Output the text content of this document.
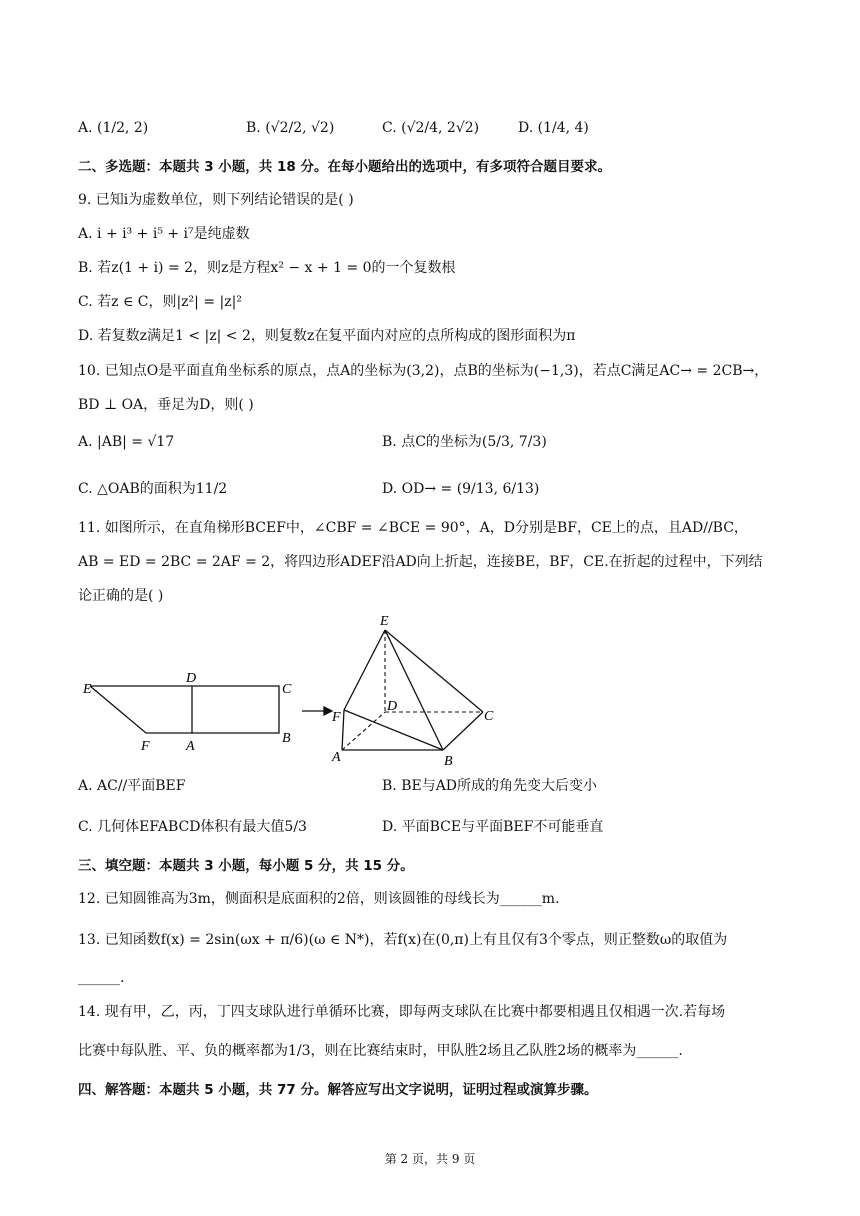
A. (1/2, 2)	B. (√2/2, √2)	C. (√2/4, 2√2)	D. (1/4, 4)
二、多选题：本题共 3 小题，共 18 分。在每小题给出的选项中，有多项符合题目要求。
9. 已知i为虚数单位，则下列结论错误的是( )
A. i + i³ + i⁵ + i⁷是纯虚数
B. 若z(1 + i) = 2，则z是方程x² − x + 1 = 0的一个复数根
C. 若z ∈ C，则|z²| = |z|²
D. 若复数z满足1 < |z| < 2，则复数z在复平面内对应的点所构成的图形面积为π
10. 已知点O是平面直角坐标系的原点，点A的坐标为(3,2)，点B的坐标为(−1,3)，若点C满足AC→ = 2CB→，
BD ⊥ OA，垂足为D，则( )
A. |AB| = √17	B. 点C的坐标为(5/3, 7/3)
C. △OAB的面积为11/2	D. OD→ = (9/13, 6/13)
11. 如图所示，在直角梯形BCEF中，∠CBF = ∠BCE = 90°，A，D分别是BF，CE上的点，且AD//BC，
AB = ED = 2BC = 2AF = 2，将四边形ADEF沿AD向上折起，连接BE，BF，CE.在折起的过程中，下列结
论正确的是( )
E
D
C
F	A
B
E
D
C
F
A	B
A. AC//平面BEF	B. BE与AD所成的角先变大后变小
C. 几何体EFABCD体积有最大值5/3	D. 平面BCE与平面BEF不可能垂直
三、填空题：本题共 3 小题，每小题 5 分，共 15 分。
12. 已知圆锥高为3m，侧面积是底面积的2倍，则该圆锥的母线长为______m.
13. 已知函数f(x) = 2sin(ωx + π/6)(ω ∈ N*)，若f(x)在(0,π)上有且仅有3个零点，则正整数ω的取值为
______.
14. 现有甲，乙，丙，丁四支球队进行单循环比赛，即每两支球队在比赛中都要相遇且仅相遇一次.若每场
比赛中每队胜、平、负的概率都为1/3，则在比赛结束时，甲队胜2场且乙队胜2场的概率为______.
四、解答题：本题共 5 小题，共 77 分。解答应写出文字说明，证明过程或演算步骤。
第 2 页，共 9 页
